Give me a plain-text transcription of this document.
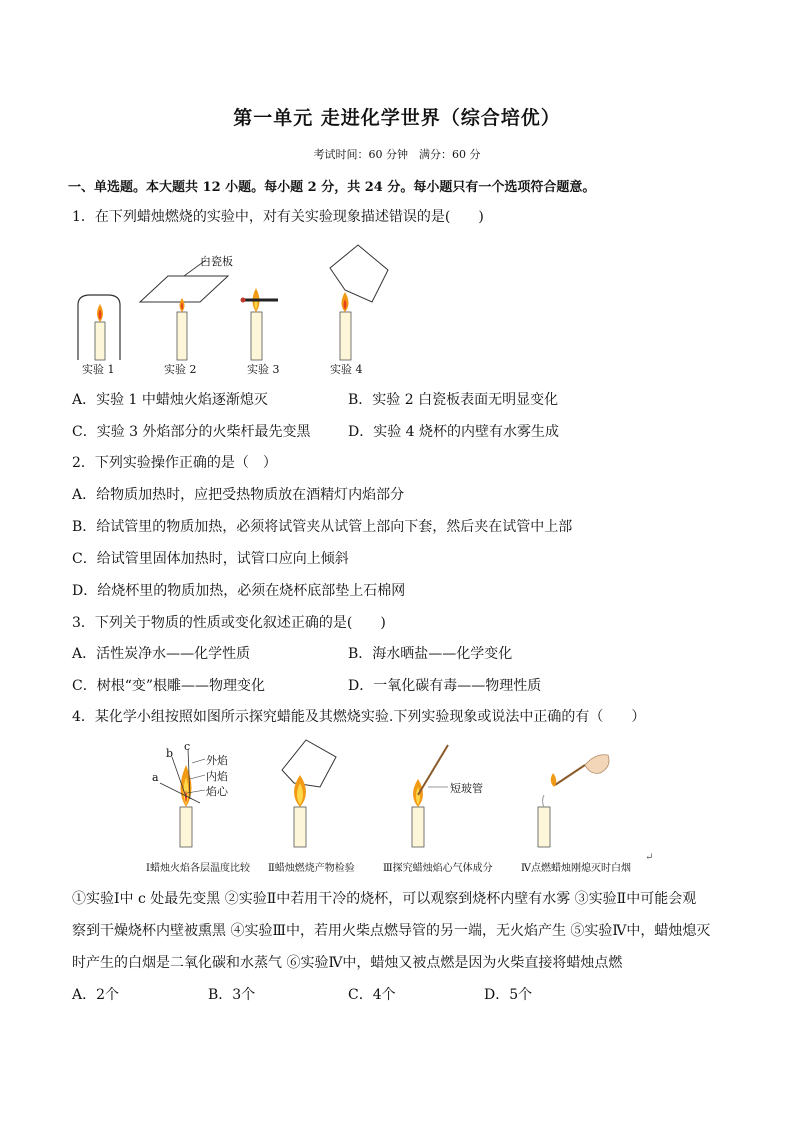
第一单元 走进化学世界（综合培优）
考试时间：60 分钟　满分：60 分
一、单选题。本大题共 12 小题。每小题 2 分，共 24 分。每小题只有一个选项符合题意。
1．在下列蜡烛燃烧的实验中，对有关实验现象描述错误的是(　　)
白瓷板
实验 1	实验 2	实验 3	实验 4
A．实验 1 中蜡烛火焰逐渐熄灭	B．实验 2 白瓷板表面无明显变化
C．实验 3 外焰部分的火柴杆最先变黑	D．实验 4 烧杯的内壁有水雾生成
2．下列实验操作正确的是（　）
A．给物质加热时，应把受热物质放在酒精灯内焰部分
B．给试管里的物质加热，必须将试管夹从试管上部向下套，然后夹在试管中上部
C．给试管里固体加热时，试管口应向上倾斜
D．给烧杯里的物质加热，必须在烧杯底部垫上石棉网
3．下列关于物质的性质或变化叙述正确的是(　　)
A．活性炭净水——化学性质	B．海水晒盐——化学变化
C．树根“变”根雕——物理变化	D．一氧化碳有毒——物理性质
4．某化学小组按照如图所示探究蜡能及其燃烧实验.下列实验现象或说法中正确的有（　　）
a
b
c
外焰
内焰
焰心	短玻管
Ⅰ蜡烛火焰各层温度比较 Ⅱ蜡烛燃烧产物检验	Ⅲ探究蜡烛焰心气体成分	Ⅳ点燃蜡烛刚熄灭时白烟
↵
①实验Ⅰ中 c 处最先变黑 ②实验Ⅱ中若用干冷的烧杯，可以观察到烧杯内壁有水雾 ③实验Ⅱ中可能会观
察到干燥烧杯内壁被熏黑 ④实验Ⅲ中，若用火柴点燃导管的另一端，无火焰产生 ⑤实验Ⅳ中，蜡烛熄灭
时产生的白烟是二氧化碳和水蒸气 ⑥实验Ⅳ中，蜡烛又被点燃是因为火柴直接将蜡烛点燃
A．2个	B．3个	C．4个	D．5个
